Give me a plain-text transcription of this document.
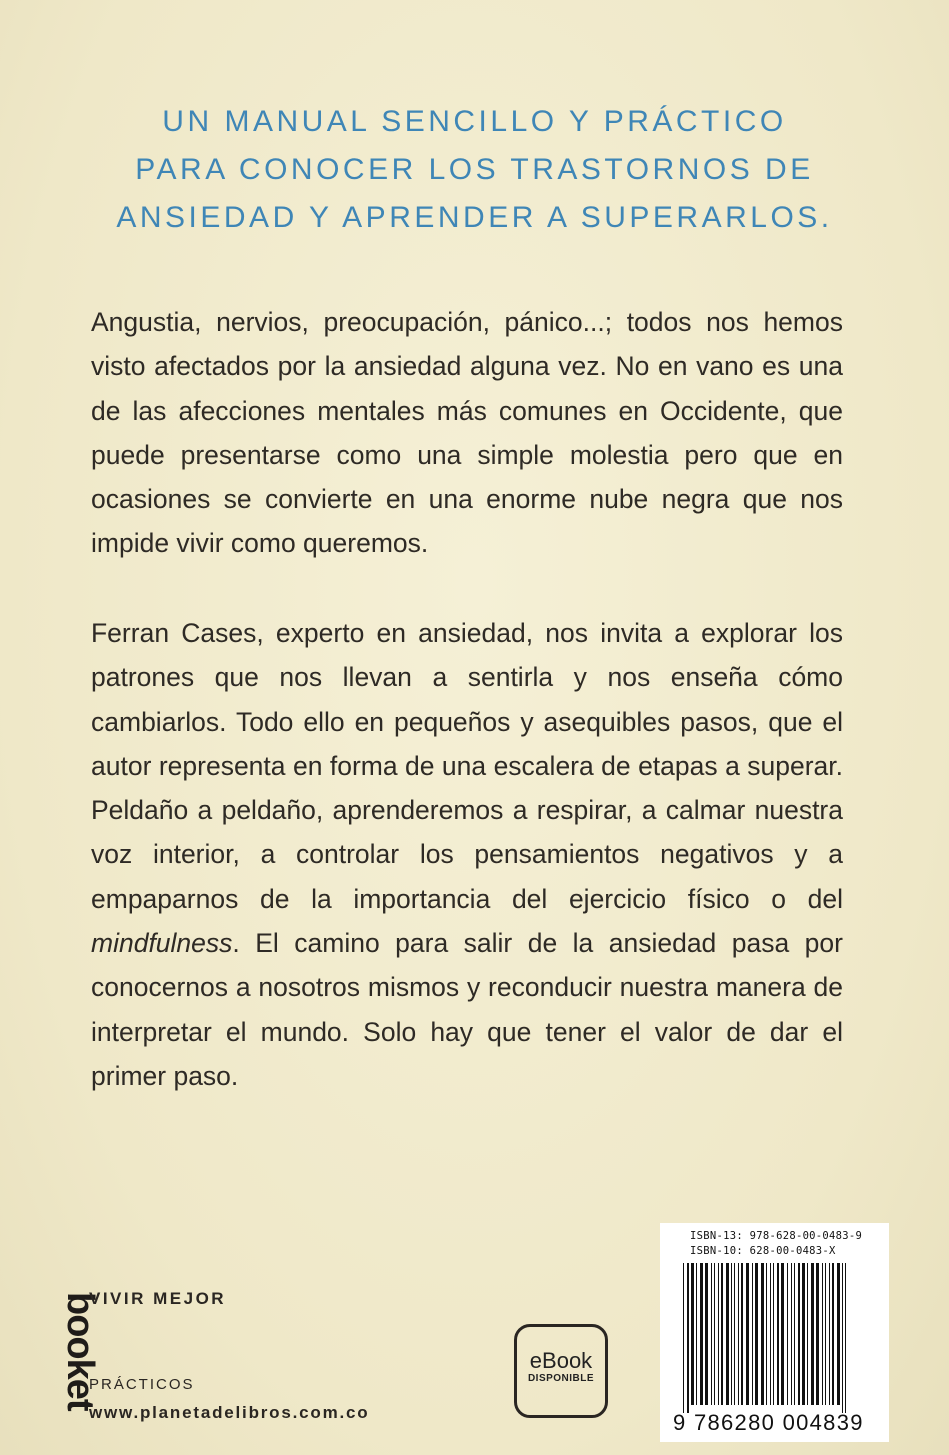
UN MANUAL SENCILLO Y PRÁCTICO
PARA CONOCER LOS TRASTORNOS DE
ANSIEDAD Y APRENDER A SUPERARLOS.

Angustia, nervios, preocupación, pánico...; todos nos hemos visto afectados por la ansiedad alguna vez. No en vano es una de las afecciones mentales más comunes en Occidente, que puede presentarse como una simple molestia pero que en ocasiones se convierte en una enorme nube negra que nos impide vivir como queremos.

Ferran Cases, experto en ansiedad, nos invita a explorar los patrones que nos llevan a sentirla y nos enseña cómo cambiarlos. Todo ello en pequeños y asequibles pasos, que el autor representa en forma de una escalera de etapas a superar. Peldaño a peldaño, aprenderemos a respirar, a calmar nuestra voz interior, a controlar los pensamientos negativos y a empaparnos de la importancia del ejercicio físico o del mindfulness. El camino para salir de la ansiedad pasa por conocernos a nosotros mismos y reconducir nuestra manera de interpretar el mundo. Solo hay que tener el valor de dar el primer paso.

booket
VIVIR MEJOR
PRÁCTICOS
www.planetadelibros.com.co
eBook
DISPONIBLE
ISBN-13: 978-628-00-0483-9
ISBN-10: 628-00-0483-X
9 786280 004839
